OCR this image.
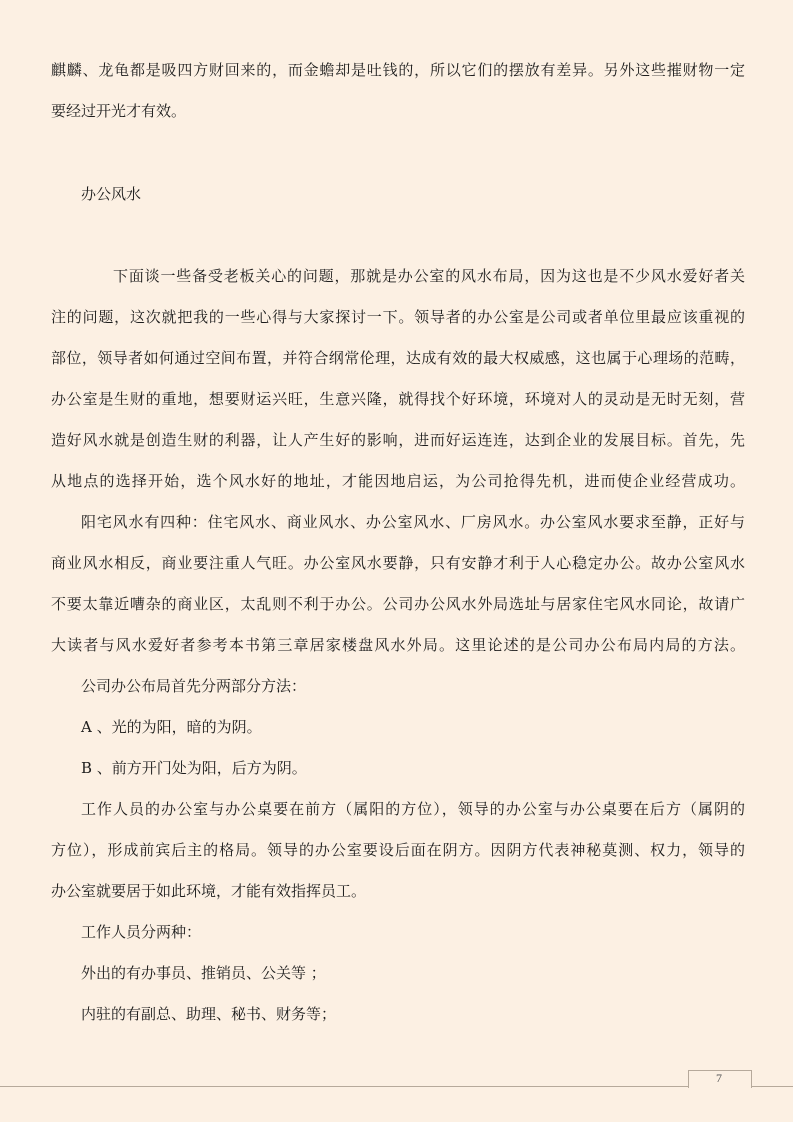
麒麟、龙龟都是吸四方财回来的，而金蟾却是吐钱的，所以它们的摆放有差异。另外这些摧财物一定
要经过开光才有效。
办公风水
下面谈一些备受老板关心的问题，那就是办公室的风水布局，因为这也是不少风水爱好者关
注的问题，这次就把我的一些心得与大家探讨一下。领导者的办公室是公司或者单位里最应该重视的
部位，领导者如何通过空间布置，并符合纲常伦理，达成有效的最大权威感，这也属于心理场的范畴，
办公室是生财的重地，想要财运兴旺，生意兴隆，就得找个好环境，环境对人的灵动是无时无刻，营
造好风水就是创造生财的利器，让人产生好的影响，进而好运连连，达到企业的发展目标。首先，先
从地点的选择开始，选个风水好的地址，才能因地启运，为公司抢得先机，进而使企业经营成功。
阳宅风水有四种：住宅风水、商业风水、办公室风水、厂房风水。办公室风水要求至静，正好与
商业风水相反，商业要注重人气旺。办公室风水要静，只有安静才利于人心稳定办公。故办公室风水
不要太靠近嘈杂的商业区，太乱则不利于办公。公司办公风水外局选址与居家住宅风水同论，故请广
大读者与风水爱好者参考本书第三章居家楼盘风水外局。这里论述的是公司办公布局内局的方法。
公司办公布局首先分两部分方法：
A 、光的为阳，暗的为阴。
B 、前方开门处为阳，后方为阴。
工作人员的办公室与办公桌要在前方（属阳的方位），领导的办公室与办公桌要在后方（属阴的
方位），形成前宾后主的格局。领导的办公室要设后面在阴方。因阴方代表神秘莫测、权力，领导的
办公室就要居于如此环境，才能有效指挥员工。
工作人员分两种：
外出的有办事员、推销员、公关等 ；
内驻的有副总、助理、秘书、财务等；
7
